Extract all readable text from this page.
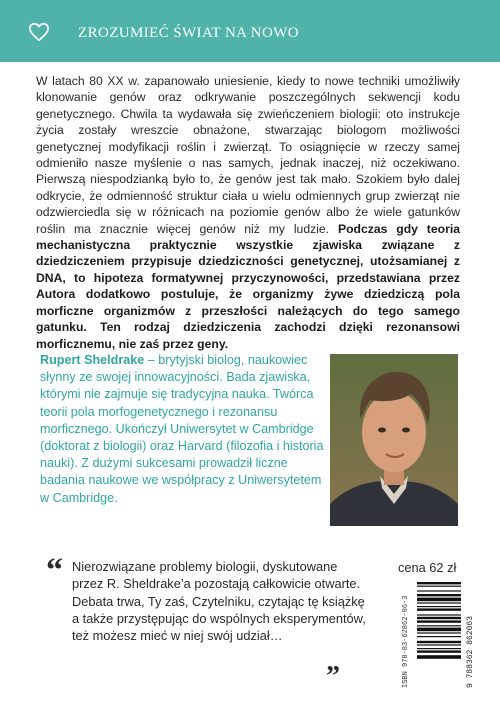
ZROZUMIEĆ ŚWIAT NA NOWO
W latach 80 XX w. zapanowało uniesienie, kiedy to nowe techniki umożliwiły klonowanie genów oraz odkrywanie poszczególnych sekwencji kodu genetycznego. Chwila ta wydawała się zwieńczeniem biologii: oto instrukcje życia zostały wreszcie obnażone, stwarzając biologom możliwości genetycznej modyfikacji roślin i zwierząt. To osiągnięcie w rzeczy samej odmieniło nasze myślenie o nas samych, jednak inaczej, niż oczekiwano. Pierwszą niespodzianką było to, że genów jest tak mało. Szokiem było dalej odkrycie, że odmienność struktur ciała u wielu odmiennych grup zwierząt nie odzwierciedla się w różnicach na poziomie genów albo że wiele gatunków roślin ma znacznie więcej genów niż my ludzie. Podczas gdy teoria mechanistyczna praktycznie wszystkie zjawiska związane z dziedziczeniem przypisuje dziedziczności genetycznej, utożsamianej z DNA, to hipoteza formatywnej przyczynowości, przedstawiana przez Autora dodatkowo postuluje, że organizmy żywe dziedziczą pola morficzne organizmów z przeszłości należących do tego samego gatunku. Ten rodzaj dziedziczenia zachodzi dzięki rezonansowi morficznemu, nie zaś przez geny.
Rupert Sheldrake – brytyjski biolog, naukowiec słynny ze swojej innowacyjności. Bada zjawiska, którymi nie zajmuje się tradycyjna nauka. Twórca teorii pola morfogenetycznego i rezonansu morficznego. Ukończył Uniwersytet w Cambridge (doktorat z biologii) oraz Harvard (filozofia i historia nauki). Z dużymi sukcesami prowadził liczne badania naukowe we współpracy z Uniwersytetem w Cambridge.
“ Nierozwiązane problemy biologii, dyskutowane przez R. Sheldrake’a pozostają całkowicie otwarte. Debata trwa, Ty zaś, Czytelniku, czytając tę książkę a także przystępując do wspólnych eksperymentów, też możesz mieć w niej swój udział…
”
cena 62 zł
ISBN 978-83-62862-06-3	9 788362 862063
